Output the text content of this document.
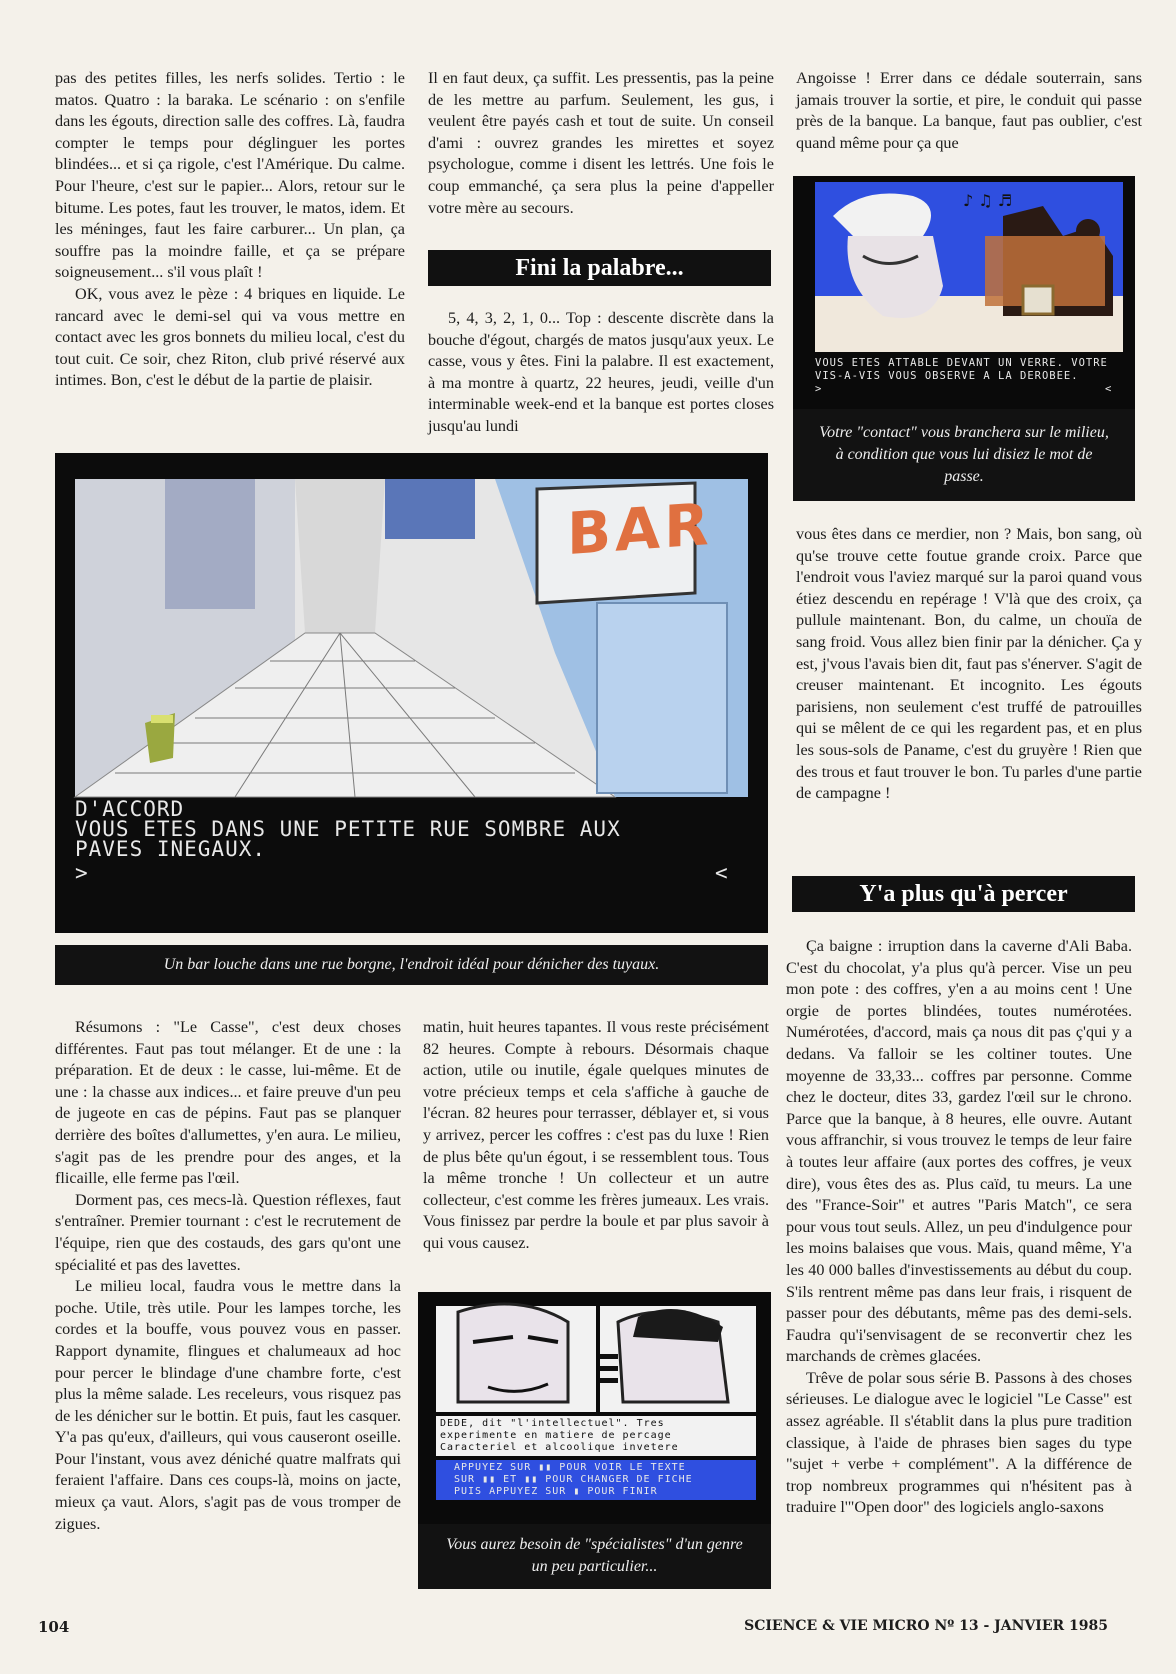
pas des petites filles, les nerfs solides. Tertio : le matos. Quatro : la baraka. Le scénario : on s'enfile dans les égouts, direction salle des coffres. Là, faudra compter le temps pour déglinguer les portes blindées... et si ça rigole, c'est l'Amérique. Du calme. Pour l'heure, c'est sur le papier... Alors, retour sur le bitume. Les potes, faut les trouver, le matos, idem. Et les méninges, faut les faire carburer... Un plan, ça souffre pas la moindre faille, et ça se prépare soigneusement... s'il vous plaît !

OK, vous avez le pèze : 4 briques en liquide. Le rancard avec le demi-sel qui va vous mettre en contact avec les gros bonnets du milieu local, c'est du tout cuit. Ce soir, chez Riton, club privé réservé aux intimes. Bon, c'est le début de la partie de plaisir.

Il en faut deux, ça suffit. Les pressentis, pas la peine de les mettre au parfum. Seulement, les gus, i veulent être payés cash et tout de suite. Un conseil d'ami : ouvrez grandes les mirettes et soyez psychologue, comme i disent les lettrés. Une fois le coup emmanché, ça sera plus la peine d'appeller votre mère au secours.

Fini la palabre...

5, 4, 3, 2, 1, 0... Top : descente discrète dans la bouche d'égout, chargés de matos jusqu'aux yeux. Le casse, vous y êtes. Fini la palabre. Il est exactement, à ma montre à quartz, 22 heures, jeudi, veille d'un interminable week-end et la banque est portes closes jusqu'au lundi

Angoisse ! Errer dans ce dédale souterrain, sans jamais trouver la sortie, et pire, le conduit qui passe près de la banque. La banque, faut pas oublier, c'est quand même pour ça que

♪ ♫ ♬
VOUS ETES ATTABLE DEVANT UN VERRE. VOTRE
VIS-A-VIS VOUS OBSERVE A LA DEROBEE.
>	<
Votre "contact" vous branchera sur le milieu, à condition que vous lui disiez le mot de passe.
BAR
D'ACCORD
VOUS ETES DANS UNE PETITE RUE SOMBRE AUX
PAVES INEGAUX.
>	<
Un bar louche dans une rue borgne, l'endroit idéal pour dénicher des tuyaux.

vous êtes dans ce merdier, non ? Mais, bon sang, où qu'se trouve cette foutue grande croix. Parce que l'endroit vous l'aviez marqué sur la paroi quand vous étiez descendu en repérage ! V'là que des croix, ça pullule maintenant. Bon, du calme, un chouïa de sang froid. Vous allez bien finir par la dénicher. Ça y est, j'vous l'avais bien dit, faut pas s'énerver. S'agit de creuser maintenant. Et incognito. Les égouts parisiens, non seulement c'est truffé de patrouilles qui se mêlent de ce qui les regardent pas, et en plus les sous-sols de Paname, c'est du gruyère ! Rien que des trous et faut trouver le bon. Tu parles d'une partie de campagne !

Y'a plus qu'à percer

Résumons : "Le Casse", c'est deux choses différentes. Faut pas tout mélanger. Et de une : la préparation. Et de deux : le casse, lui-même. Et de une : la chasse aux indices... et faire preuve d'un peu de jugeote en cas de pépins. Faut pas se planquer derrière des boîtes d'allumettes, y'en aura. Le milieu, s'agit pas de les prendre pour des anges, et la flicaille, elle ferme pas l'œil.

Dorment pas, ces mecs-là. Question réflexes, faut s'entraîner. Premier tournant : c'est le recrutement de l'équipe, rien que des costauds, des gars qu'ont une spécialité et pas des lavettes.

Le milieu local, faudra vous le mettre dans la poche. Utile, très utile. Pour les lampes torche, les cordes et la bouffe, vous pouvez vous en passer. Rapport dynamite, flingues et chalumeaux ad hoc pour percer le blindage d'une chambre forte, c'est plus la même salade. Les receleurs, vous risquez pas de les dénicher sur le bottin. Et puis, faut les casquer. Y'a pas qu'eux, d'ailleurs, qui vous causeront oseille. Pour l'instant, vous avez déniché quatre malfrats qui feraient l'affaire. Dans ces coups-là, moins on jacte, mieux ça vaut. Alors, s'agit pas de vous tromper de zigues.

matin, huit heures tapantes. Il vous reste précisément 82 heures. Compte à rebours. Désormais chaque action, utile ou inutile, égale quelques minutes de votre précieux temps et cela s'affiche à gauche de l'écran. 82 heures pour terrasser, déblayer et, si vous y arrivez, percer les coffres : c'est pas du luxe ! Rien de plus bête qu'un égout, i se ressemblent tous. Tous la même tronche ! Un collecteur et un autre collecteur, c'est comme les frères jumeaux. Les vrais. Vous finissez par perdre la boule et par plus savoir à qui vous causez.

DEDE, dit "l'intellectuel". Tres
experimente en matiere de percage
Caracteriel et alcoolique invetere
APPUYEZ SUR ▮▮ POUR VOIR LE TEXTE
SUR ▮▮ ET ▮▮ POUR CHANGER DE FICHE
PUIS APPUYEZ SUR ▮ POUR FINIR
Vous aurez besoin de "spécialistes" d'un genre un peu particulier...

Ça baigne : irruption dans la caverne d'Ali Baba. C'est du chocolat, y'a plus qu'à percer. Vise un peu mon pote : des coffres, y'en a au moins cent ! Une orgie de portes blindées, toutes numérotées. Numérotées, d'accord, mais ça nous dit pas ç'qui y a dedans. Va falloir se les coltiner toutes. Une moyenne de 33,33... coffres par personne. Comme chez le docteur, dites 33, gardez l'œil sur le chrono. Parce que la banque, à 8 heures, elle ouvre. Autant vous affranchir, si vous trouvez le temps de leur faire à toutes leur affaire (aux portes des coffres, je veux dire), vous êtes des as. Plus caïd, tu meurs. La une des "France-Soir" et autres "Paris Match", ce sera pour vous tout seuls. Allez, un peu d'indulgence pour les moins balaises que vous. Mais, quand même, Y'a les 40 000 balles d'investissements au début du coup. S'ils rentrent même pas dans leur frais, i risquent de passer pour des débutants, même pas des demi-sels. Faudra qu'i'senvisagent de se reconvertir chez les marchands de crèmes glacées.

Trêve de polar sous série B. Passons à des choses sérieuses. Le dialogue avec le logiciel "Le Casse" est assez agréable. Il s'établit dans la plus pure tradition classique, à l'aide de phrases bien sages du type "sujet + verbe + complément". A la différence de trop nombreux programmes qui n'hésitent pas à traduire l'"Open door" des logiciels anglo-saxons

104	SCIENCE & VIE MICRO Nº 13 - JANVIER 1985
